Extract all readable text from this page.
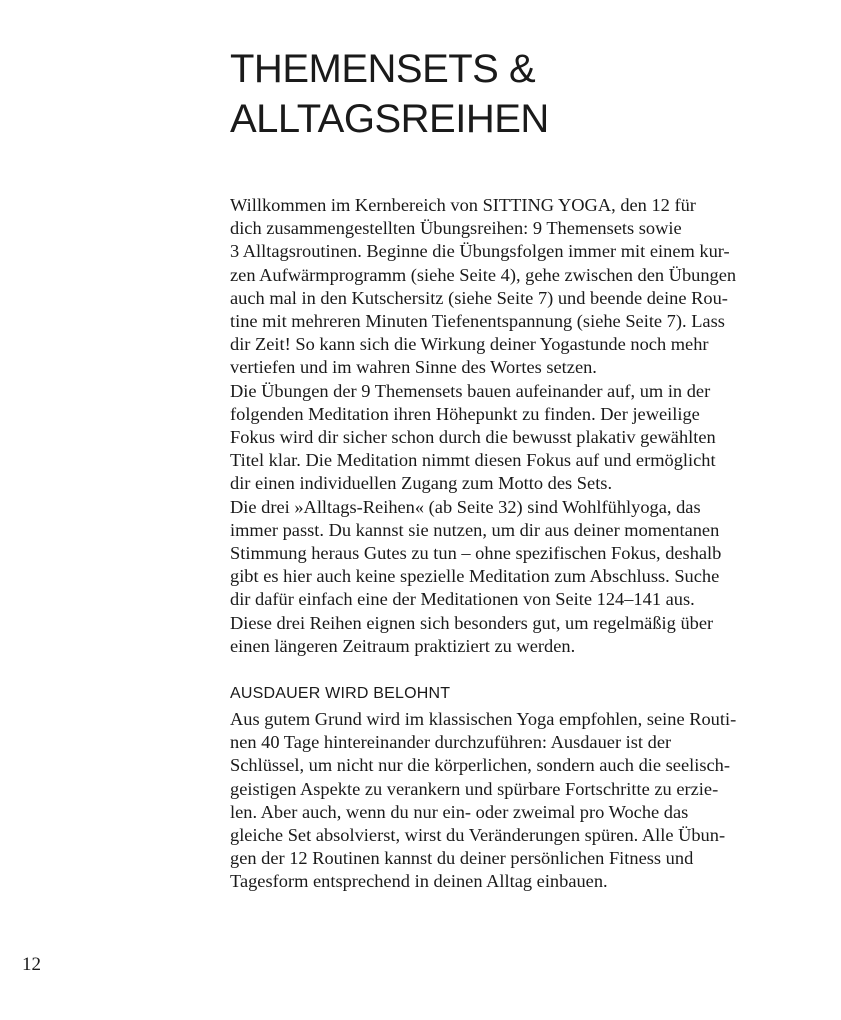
THEMENSETS &
ALLTAGSREIHEN
Willkommen im Kernbereich von SITTING YOGA, den 12 für
dich zusammengestellten Übungsreihen: 9 Themensets sowie
3 Alltagsroutinen. Beginne die Übungsfolgen immer mit einem kur-
zen Aufwärmprogramm (siehe Seite 4), gehe zwischen den Übungen
auch mal in den Kutschersitz (siehe Seite 7) und beende deine Rou-
tine mit mehreren Minuten Tiefenentspannung (siehe Seite 7). Lass
dir Zeit! So kann sich die Wirkung deiner Yogastunde noch mehr
vertiefen und im wahren Sinne des Wortes setzen.
Die Übungen der 9 Themensets bauen aufeinander auf, um in der
folgenden Meditation ihren Höhepunkt zu finden. Der jeweilige
Fokus wird dir sicher schon durch die bewusst plakativ gewählten
Titel klar. Die Meditation nimmt diesen Fokus auf und ermöglicht
dir einen individuellen Zugang zum Motto des Sets.
Die drei »Alltags-Reihen« (ab Seite 32) sind Wohlfühlyoga, das
immer passt. Du kannst sie nutzen, um dir aus deiner momentanen
Stimmung heraus Gutes zu tun – ohne spezifischen Fokus, deshalb
gibt es hier auch keine spezielle Meditation zum Abschluss. Suche
dir dafür einfach eine der Meditationen von Seite 124–141 aus.
Diese drei Reihen eignen sich besonders gut, um regelmäßig über
einen längeren Zeitraum praktiziert zu werden.
AUSDAUER WIRD BELOHNT
Aus gutem Grund wird im klassischen Yoga empfohlen, seine Routi-
nen 40 Tage hintereinander durchzuführen: Ausdauer ist der
Schlüssel, um nicht nur die körperlichen, sondern auch die seelisch-
geistigen Aspekte zu verankern und spürbare Fortschritte zu erzie-
len. Aber auch, wenn du nur ein- oder zweimal pro Woche das
gleiche Set absolvierst, wirst du Veränderungen spüren. Alle Übun-
gen der 12 Routinen kannst du deiner persönlichen Fitness und
Tagesform entsprechend in deinen Alltag einbauen.
12
